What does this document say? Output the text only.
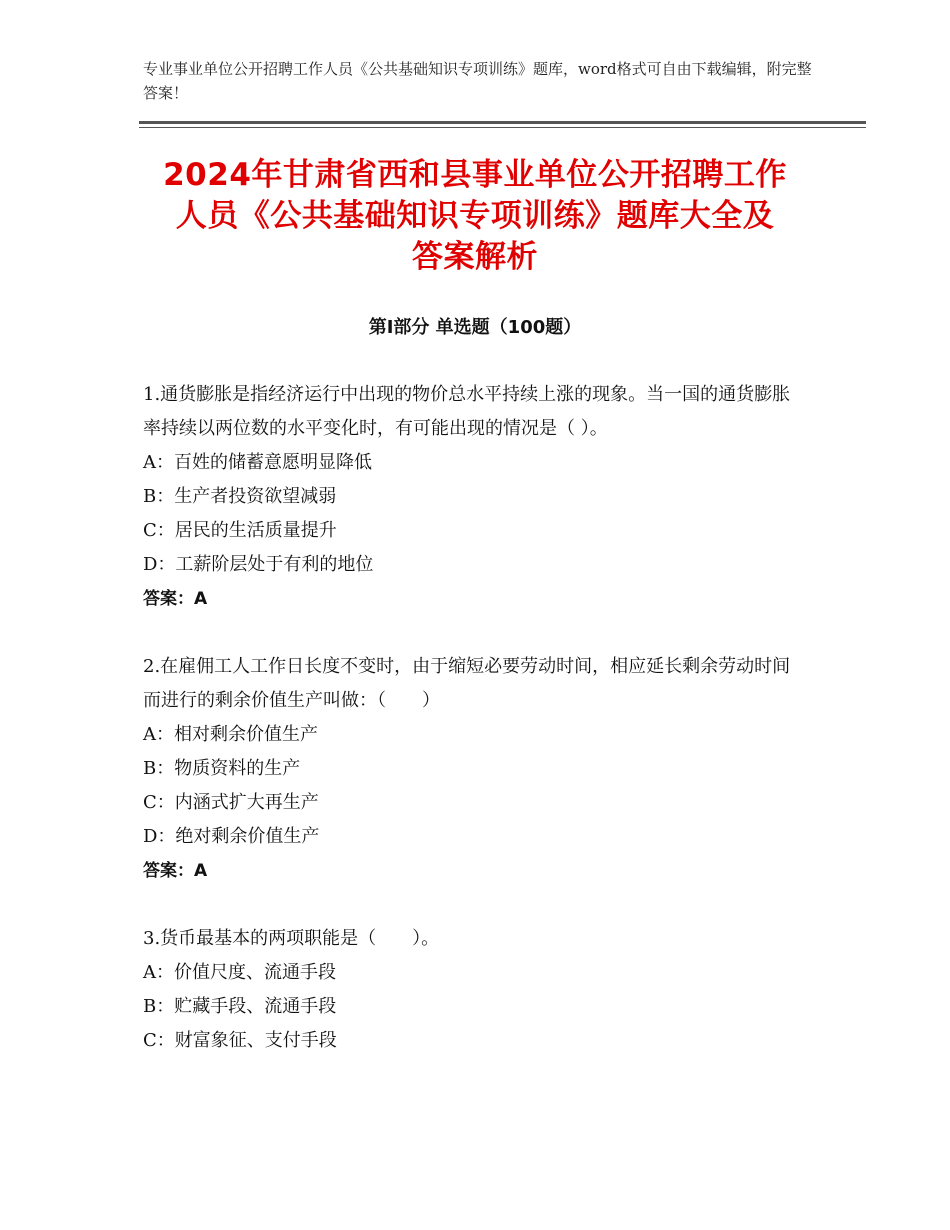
专业事业单位公开招聘工作人员《公共基础知识专项训练》题库，word格式可自由下载编辑，附完整答案！
2024年甘肃省西和县事业单位公开招聘工作
人员《公共基础知识专项训练》题库大全及
答案解析
第Ⅰ部分 单选题（100题）

1.通货膨胀是指经济运行中出现的物价总水平持续上涨的现象。当一国的通货膨胀率持续以两位数的水平变化时，有可能出现的情况是（ ）。

A：百姓的储蓄意愿明显降低

B：生产者投资欲望减弱

C：居民的生活质量提升

D：工薪阶层处于有利的地位

答案：A

2.在雇佣工人工作日长度不变时，由于缩短必要劳动时间，相应延长剩余劳动时间而进行的剩余价值生产叫做：（　　）

A：相对剩余价值生产

B：物质资料的生产

C：内涵式扩大再生产

D：绝对剩余价值生产

答案：A

3.货币最基本的两项职能是（　　）。

A：价值尺度、流通手段

B：贮藏手段、流通手段

C：财富象征、支付手段
